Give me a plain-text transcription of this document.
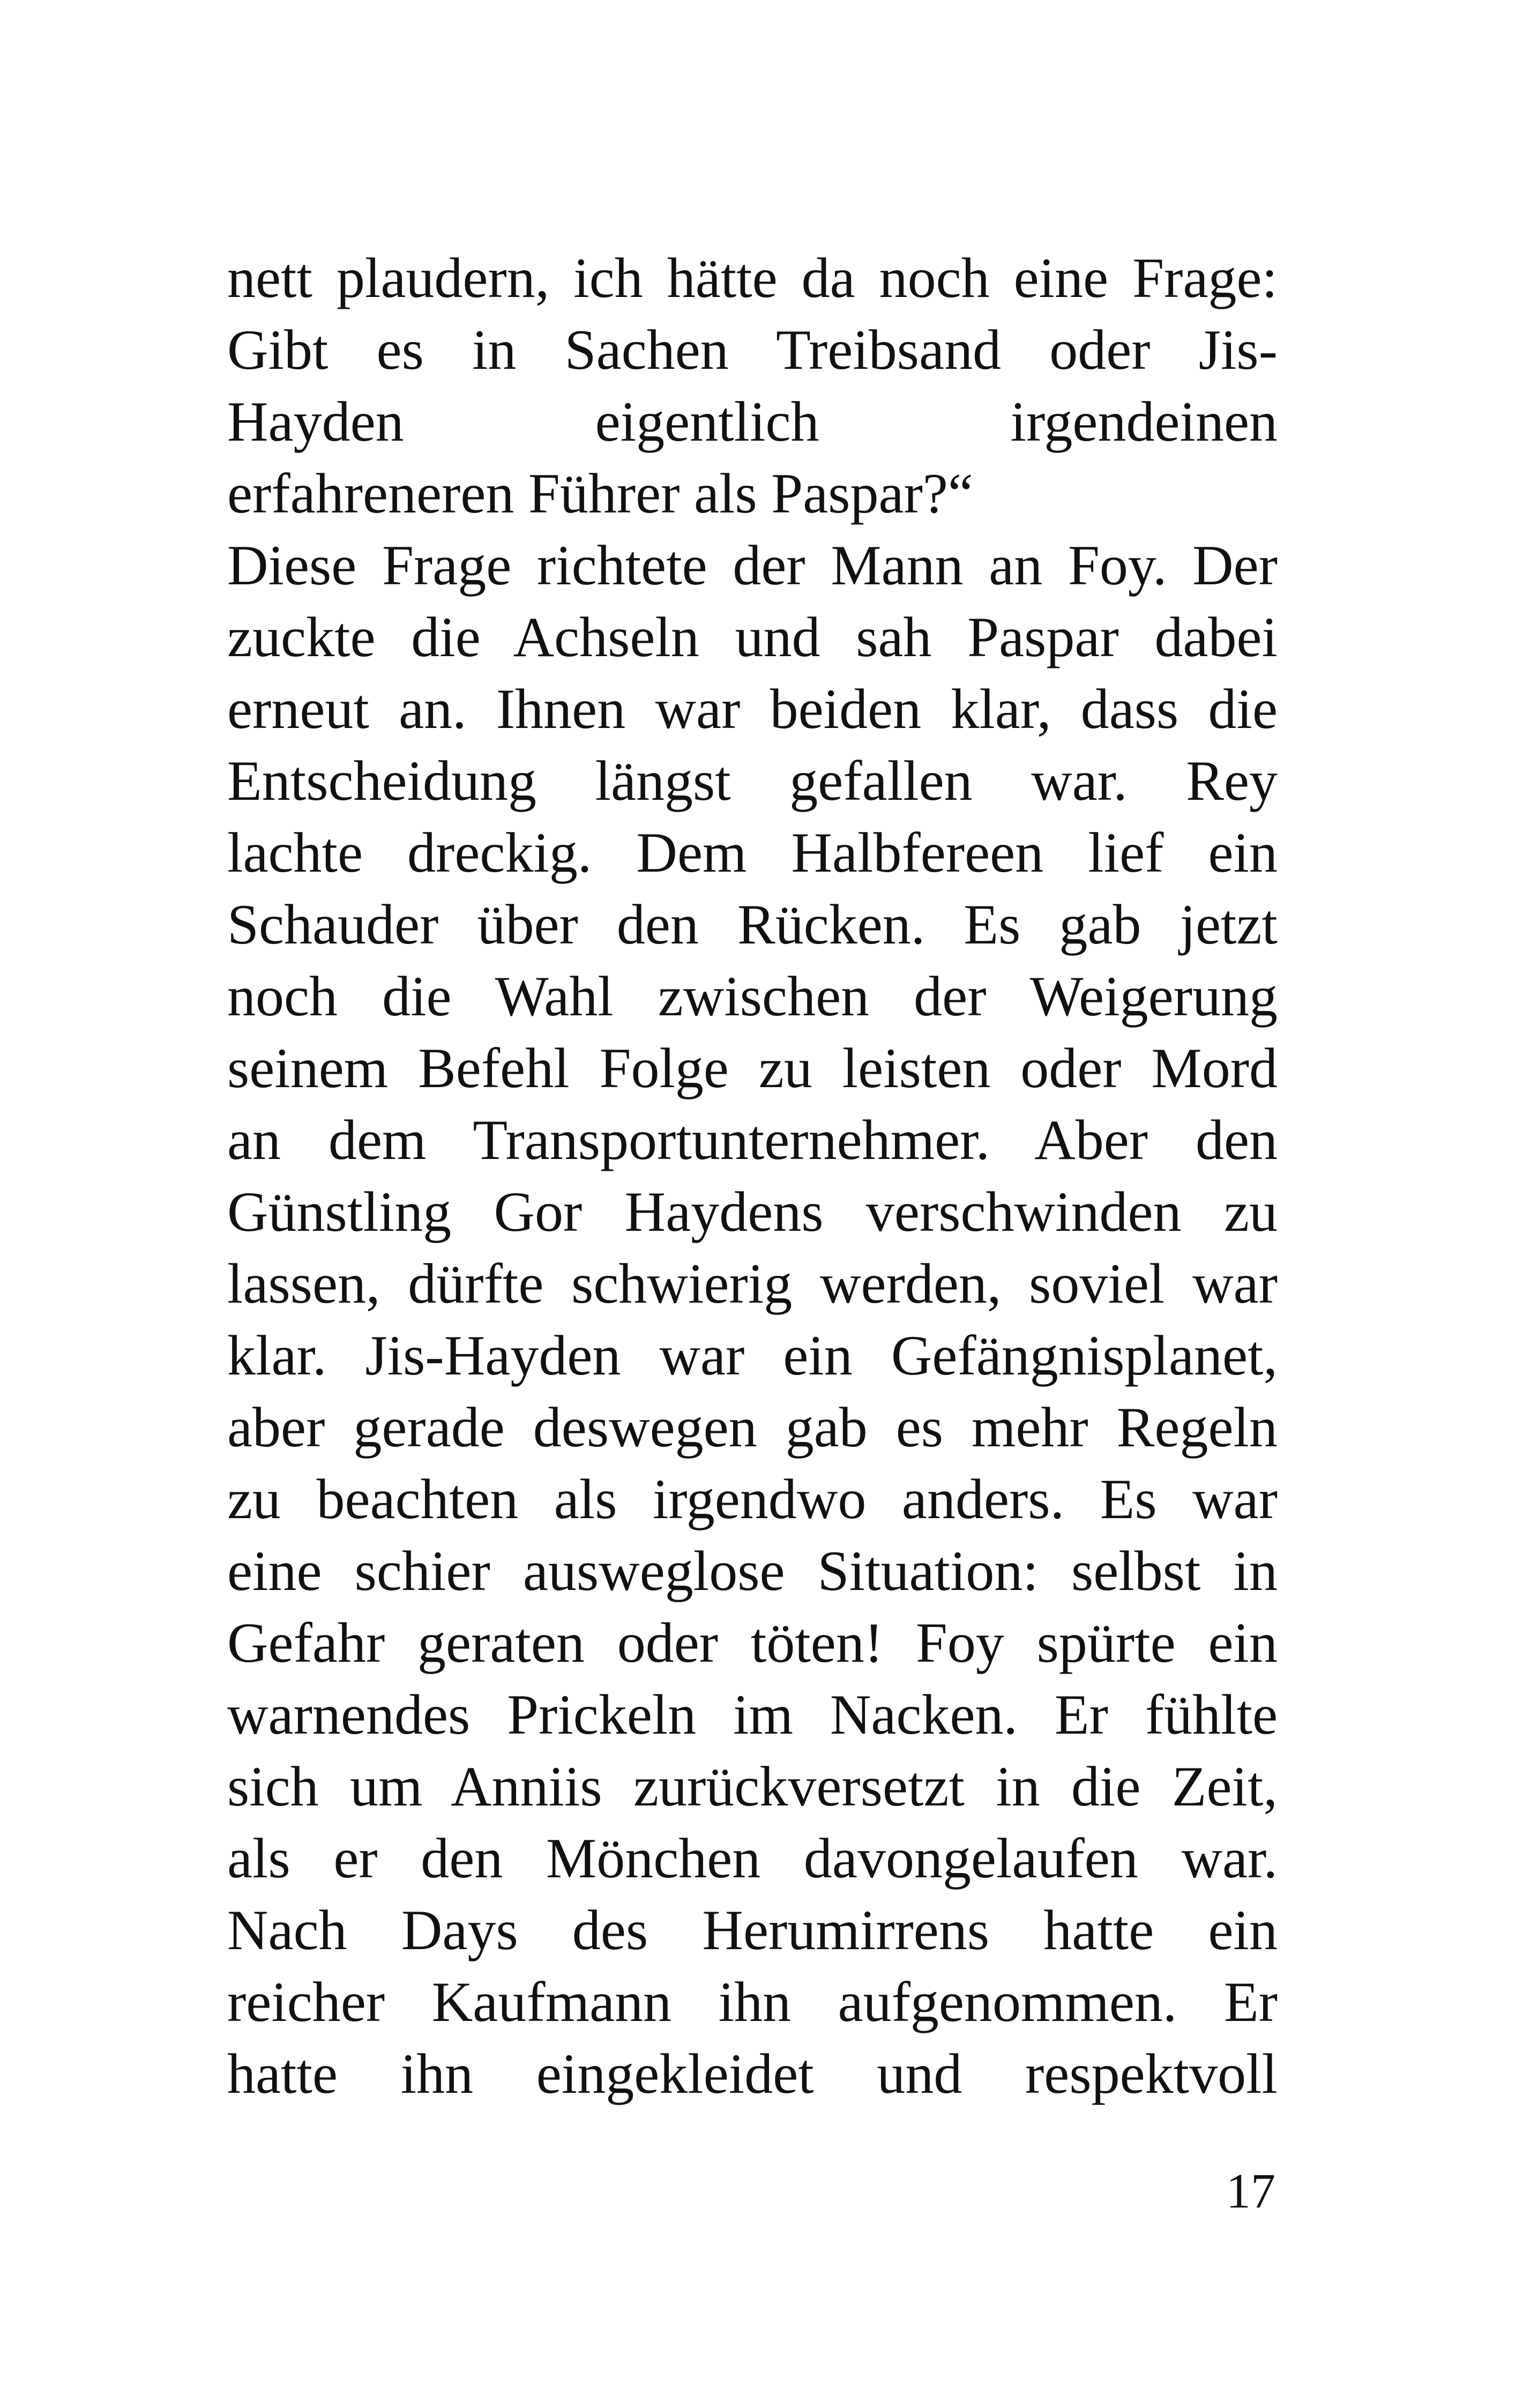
nett plaudern, ich hätte da noch eine Frage:
Gibt es in Sachen Treibsand oder Jis-
Hayden eigentlich irgendeinen
erfahreneren Führer als Paspar?“
Diese Frage richtete der Mann an Foy. Der
zuckte die Achseln und sah Paspar dabei
erneut an. Ihnen war beiden klar, dass die
Entscheidung längst gefallen war. Rey
lachte dreckig. Dem Halbfereen lief ein
Schauder über den Rücken. Es gab jetzt
noch die Wahl zwischen der Weigerung
seinem Befehl Folge zu leisten oder Mord
an dem Transportunternehmer. Aber den
Günstling Gor Haydens verschwinden zu
lassen, dürfte schwierig werden, soviel war
klar. Jis-Hayden war ein Gefängnisplanet,
aber gerade deswegen gab es mehr Regeln
zu beachten als irgendwo anders. Es war
eine schier ausweglose Situation: selbst in
Gefahr geraten oder töten! Foy spürte ein
warnendes Prickeln im Nacken. Er fühlte
sich um Anniis zurückversetzt in die Zeit,
als er den Mönchen davongelaufen war.
Nach Days des Herumirrens hatte ein
reicher Kaufmann ihn aufgenommen. Er
hatte ihn eingekleidet und respektvoll
17
